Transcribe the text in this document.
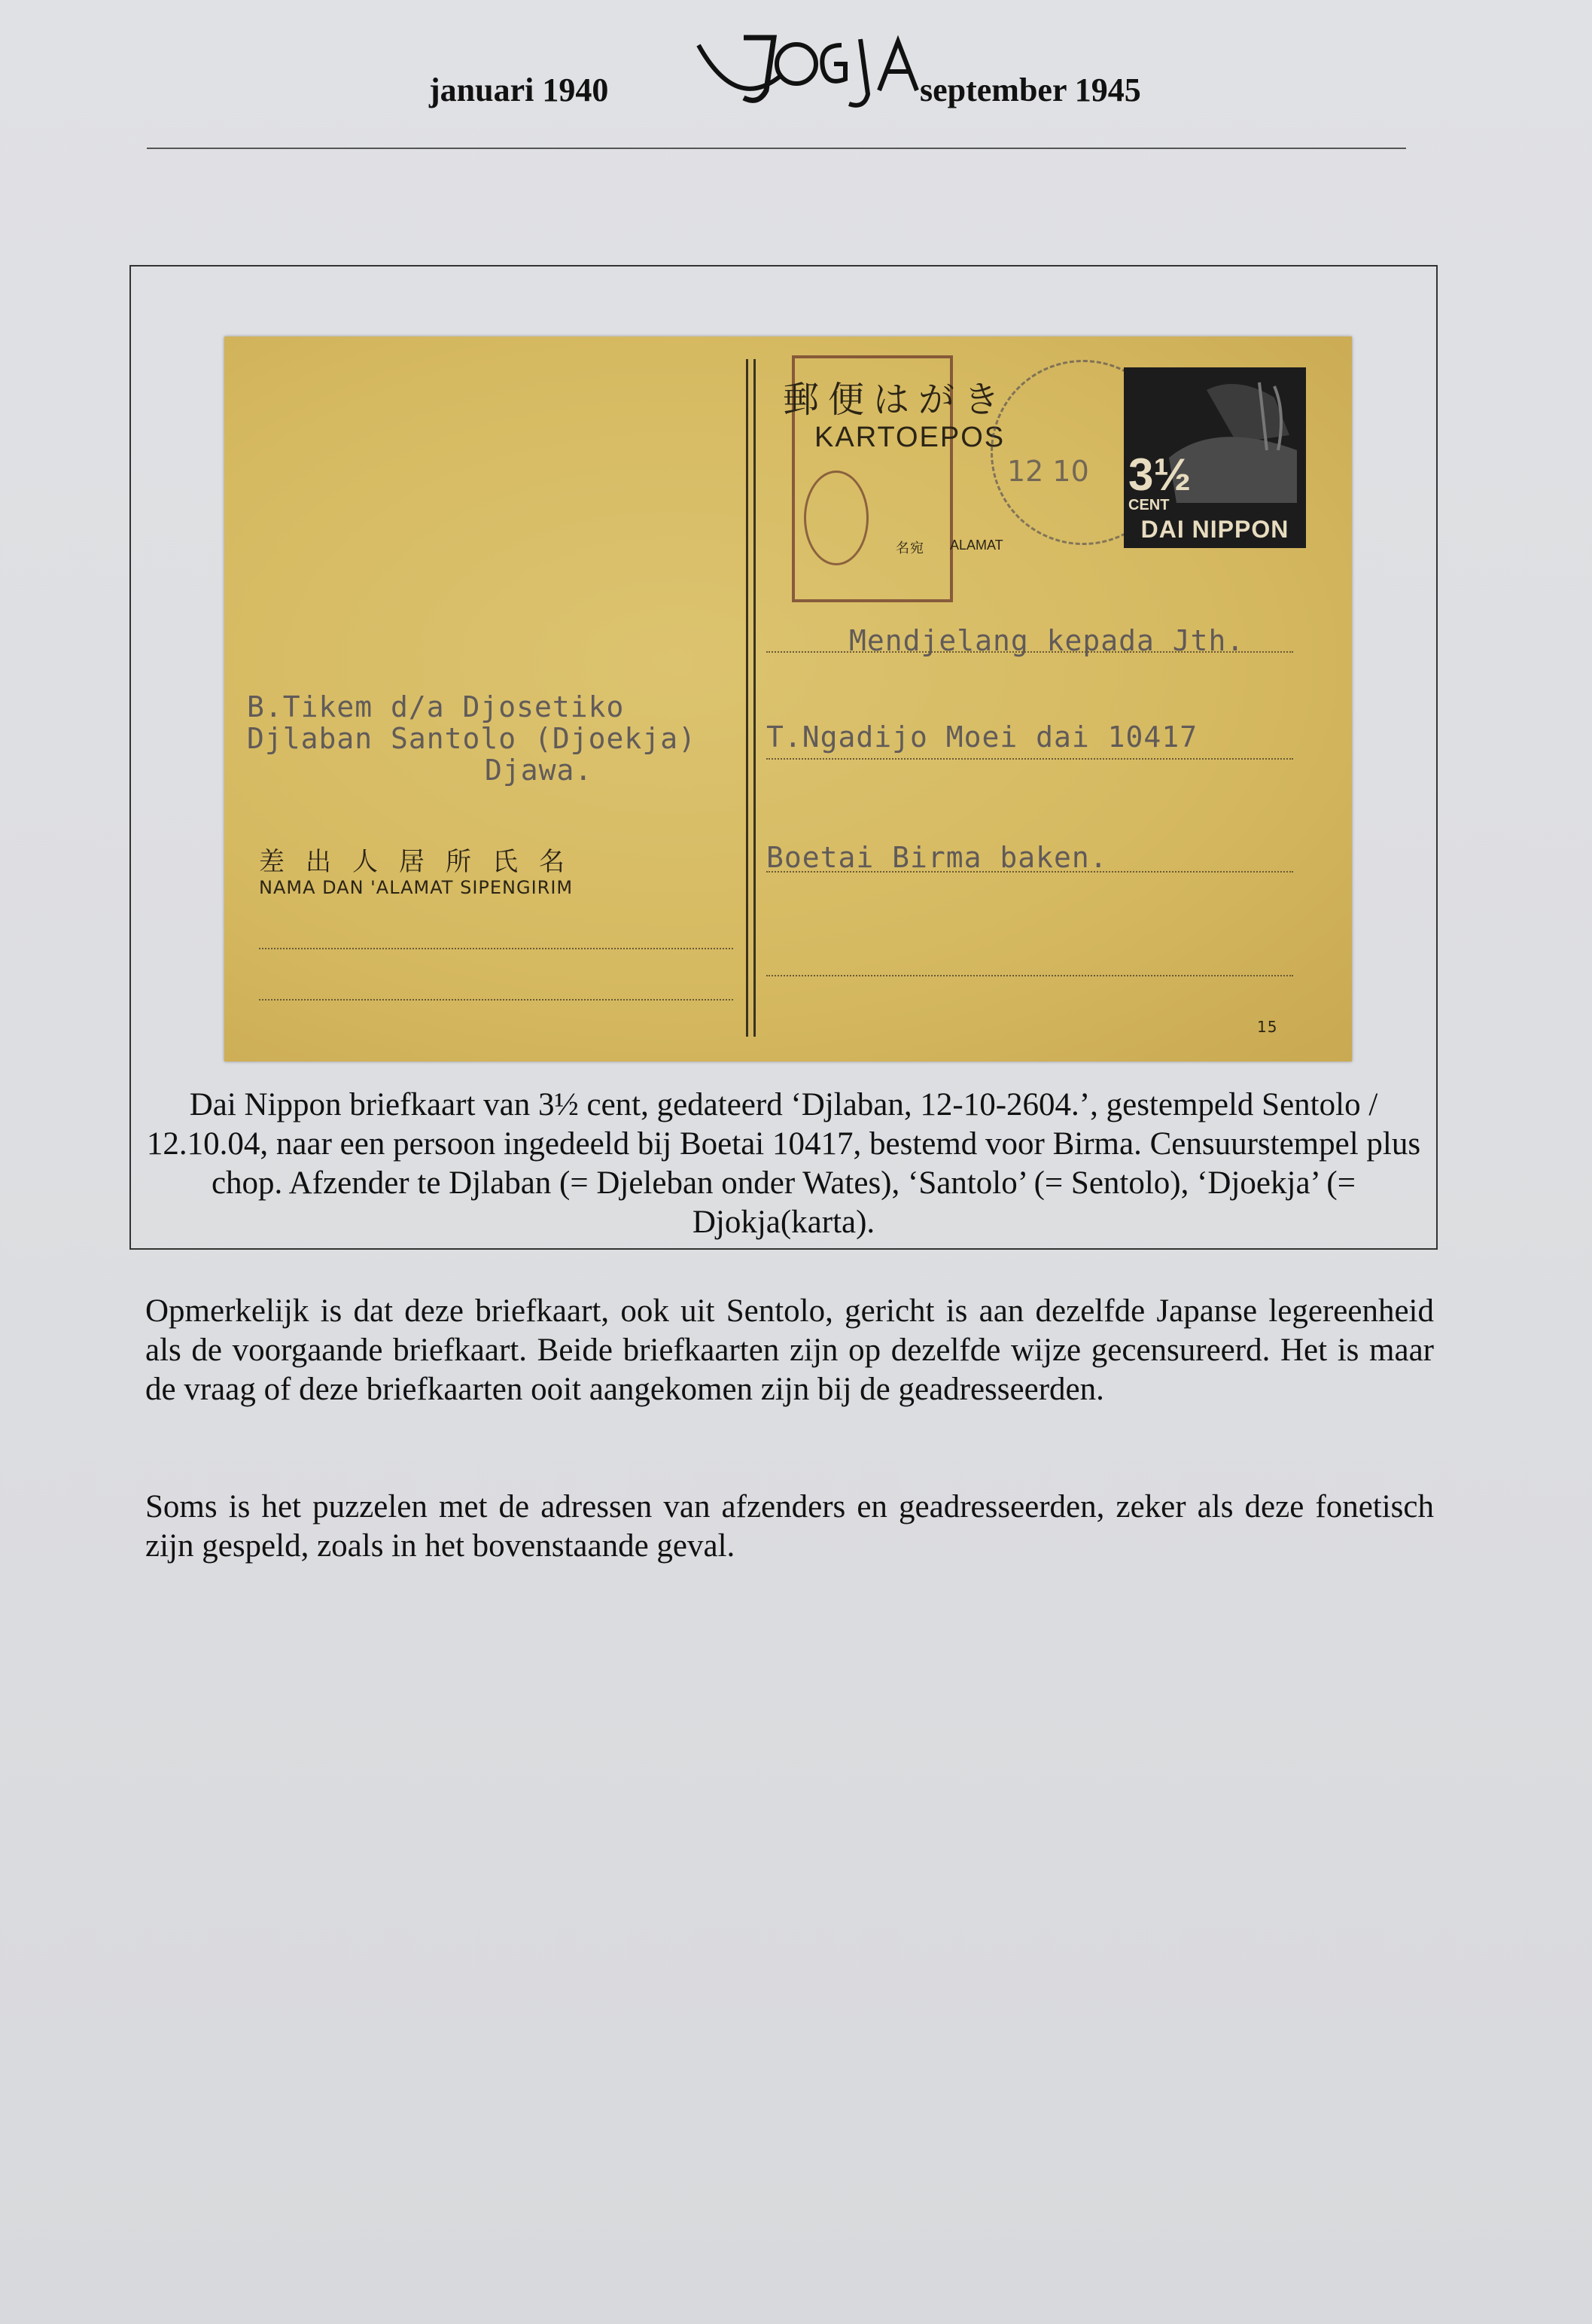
januari 1940	september 1945
B.Tikem d/a Djosetiko
Djlaban Santolo (Djoekja)
Djawa.
差出人居所氏名
NAMA DAN 'ALAMAT SIPENGIRIM
Mendjelang kepada Jth.
T.Ngadijo Moei dai 10417
Boetai Birma baken.
15
郵便はがき
KARTOEPOS
名宛 ALAMAT
12 10 3½
CENT
DAI NIPPON
Dai Nippon briefkaart van 3½ cent, gedateerd ‘Djlaban, 12-10-2604.’, gestempeld Sentolo / 12.10.04, naar een persoon ingedeeld bij Boetai 10417, bestemd voor Birma. Censuurstempel plus chop. Afzender te Djlaban (= Djeleban onder Wates), ‘Santolo’ (= Sentolo), ‘Djoekja’ (= Djokja(karta).
Opmerkelijk is dat deze briefkaart, ook uit Sentolo, gericht is aan dezelfde Japanse legereenheid als de voorgaande briefkaart. Beide briefkaarten zijn op dezelfde wijze gecensureerd. Het is maar de vraag of deze briefkaarten ooit aangekomen zijn bij de geadresseerden.
Soms is het puzzelen met de adressen van afzenders en geadresseerden, zeker als deze fonetisch zijn gespeld, zoals in het bovenstaande geval.
